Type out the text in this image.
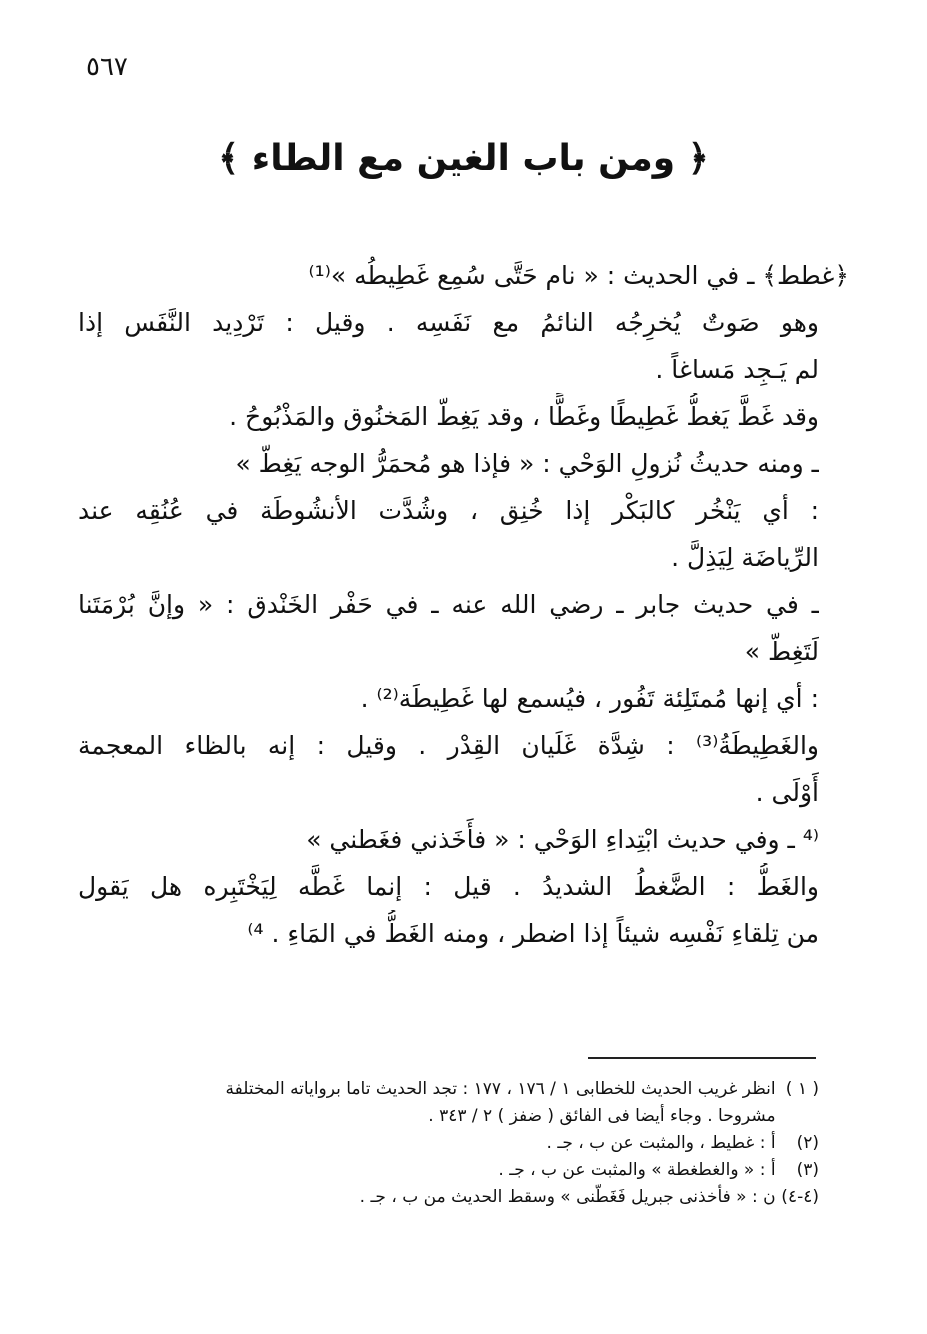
٥٦٧
﴿ ومن باب الغين مع الطاء ﴾
﴿غطط﴾ ـ في الحديث : « نام حَتَّى سُمِع غَطِيطُه »⁽¹⁾
وهو صَوتٌ يُخرِجُه النائمُ مع نَفَسِه . وقيل : تَرْدِيد النَّفَس إذا
لم يَـجِد مَساغاً .
وقد غَطَّ يَغطُّ غَطِيطًا وغَطًّا ، وقد يَغِطّ المَخنُوق والمَذْبُوحُ .
ـ ومنه حديثُ نُزولِ الوَحْي : « فإذا هو مُحمَرُّ الوجه يَغِطّ »
: أي يَنْخُر كالبَكْر إذا خُنِق ، وشُدَّت الأنشُوطَة في عُنُقِه عند
الرِّياضَة لِيَذِلَّ .
ـ في حديث جابر ـ رضي الله عنه ـ في حَفْر الخَنْدق : « وإنَّ بُرْمَتَنا
لَتَغِطّ »
: أي إنها مُمتَلِئة تَفُور ، فيُسمع لها غَطِيطَة⁽²⁾ .
والغَطِيطَةُ⁽³⁾ : شِدَّة غَلَيان القِدْر . وقيل : إنه بالظاء المعجمة
أَوْلَى .
⁽⁴ ـ وفي حديث ابْتِداءِ الوَحْي : « فأَخَذني فغَطني »
والغَطُّ : الضَّغطُ الشديدُ . قيل : إنما غَطَّه لِيَخْتَبِره هل يَقول
من تِلقاءِ نَفْسِه شيئاً إذا اضطر ، ومنه الغَطُّ في المَاءِ . ⁴⁾
( ١ ) انظر غريب الحديث للخطابى ١ / ١٧٦ ، ١٧٧ : تجد الحديث تاما برواياته المختلفة
مشروحا . وجاء أيضا فى الفائق ( ضفز ) ٢ / ٣٤٣ .
(٢) أ : غطيط ، والمثبت عن ب ، جـ .
(٣) أ : « والغطغطة » والمثبت عن ب ، جـ .
(٤-٤) ن : « فأخذنى جبريل فَغَطَّنى » وسقط الحديث من ب ، جـ .
